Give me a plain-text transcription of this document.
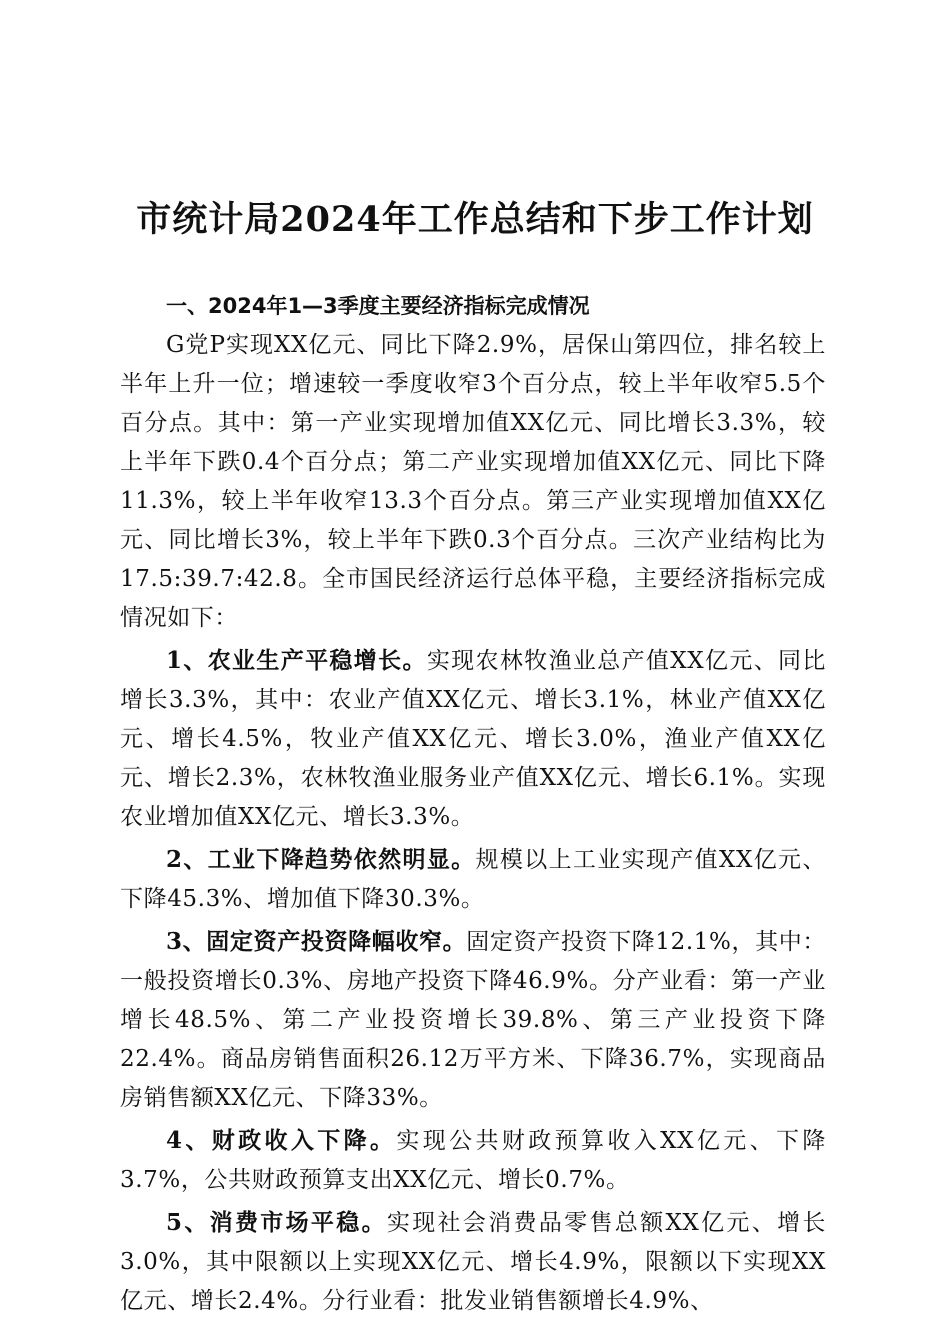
市统计局2024年工作总结和下步工作计划

一、2024年1—3季度主要经济指标完成情况

G党P实现XX亿元、同比下降2.9%，居保山第四位，排名较上半年上升一位；增速较一季度收窄3个百分点，较上半年收窄5.5个百分点。其中：第一产业实现增加值XX亿元、同比增长3.3%，较上半年下跌0.4个百分点；第二产业实现增加值XX亿元、同比下降11.3%，较上半年收窄13.3个百分点。第三产业实现增加值XX亿元、同比增长3%，较上半年下跌0.3个百分点。三次产业结构比为17.5:39.7:42.8。全市国民经济运行总体平稳，主要经济指标完成情况如下：

1、农业生产平稳增长。实现农林牧渔业总产值XX亿元、同比增长3.3%，其中：农业产值XX亿元、增长3.1%，林业产值XX亿元、增长4.5%，牧业产值XX亿元、增长3.0%，渔业产值XX亿元、增长2.3%，农林牧渔业服务业产值XX亿元、增长6.1%。实现农业增加值XX亿元、增长3.3%。

2、工业下降趋势依然明显。规模以上工业实现产值XX亿元、下降45.3%、增加值下降30.3%。

3、固定资产投资降幅收窄。固定资产投资下降12.1%，其中：一般投资增长0.3%、房地产投资下降46.9%。分产业看：第一产业增长48.5%、第二产业投资增长39.8%、第三产业投资下降22.4%。商品房销售面积26.12万平方米、下降36.7%，实现商品房销售额XX亿元、下降33%。

4、财政收入下降。实现公共财政预算收入XX亿元、下降3.7%，公共财政预算支出XX亿元、增长0.7%。

5、消费市场平稳。实现社会消费品零售总额XX亿元、增长3.0%，其中限额以上实现XX亿元、增长4.9%，限额以下实现XX亿元、增长2.4%。分行业看：批发业销售额增长4.9%、
